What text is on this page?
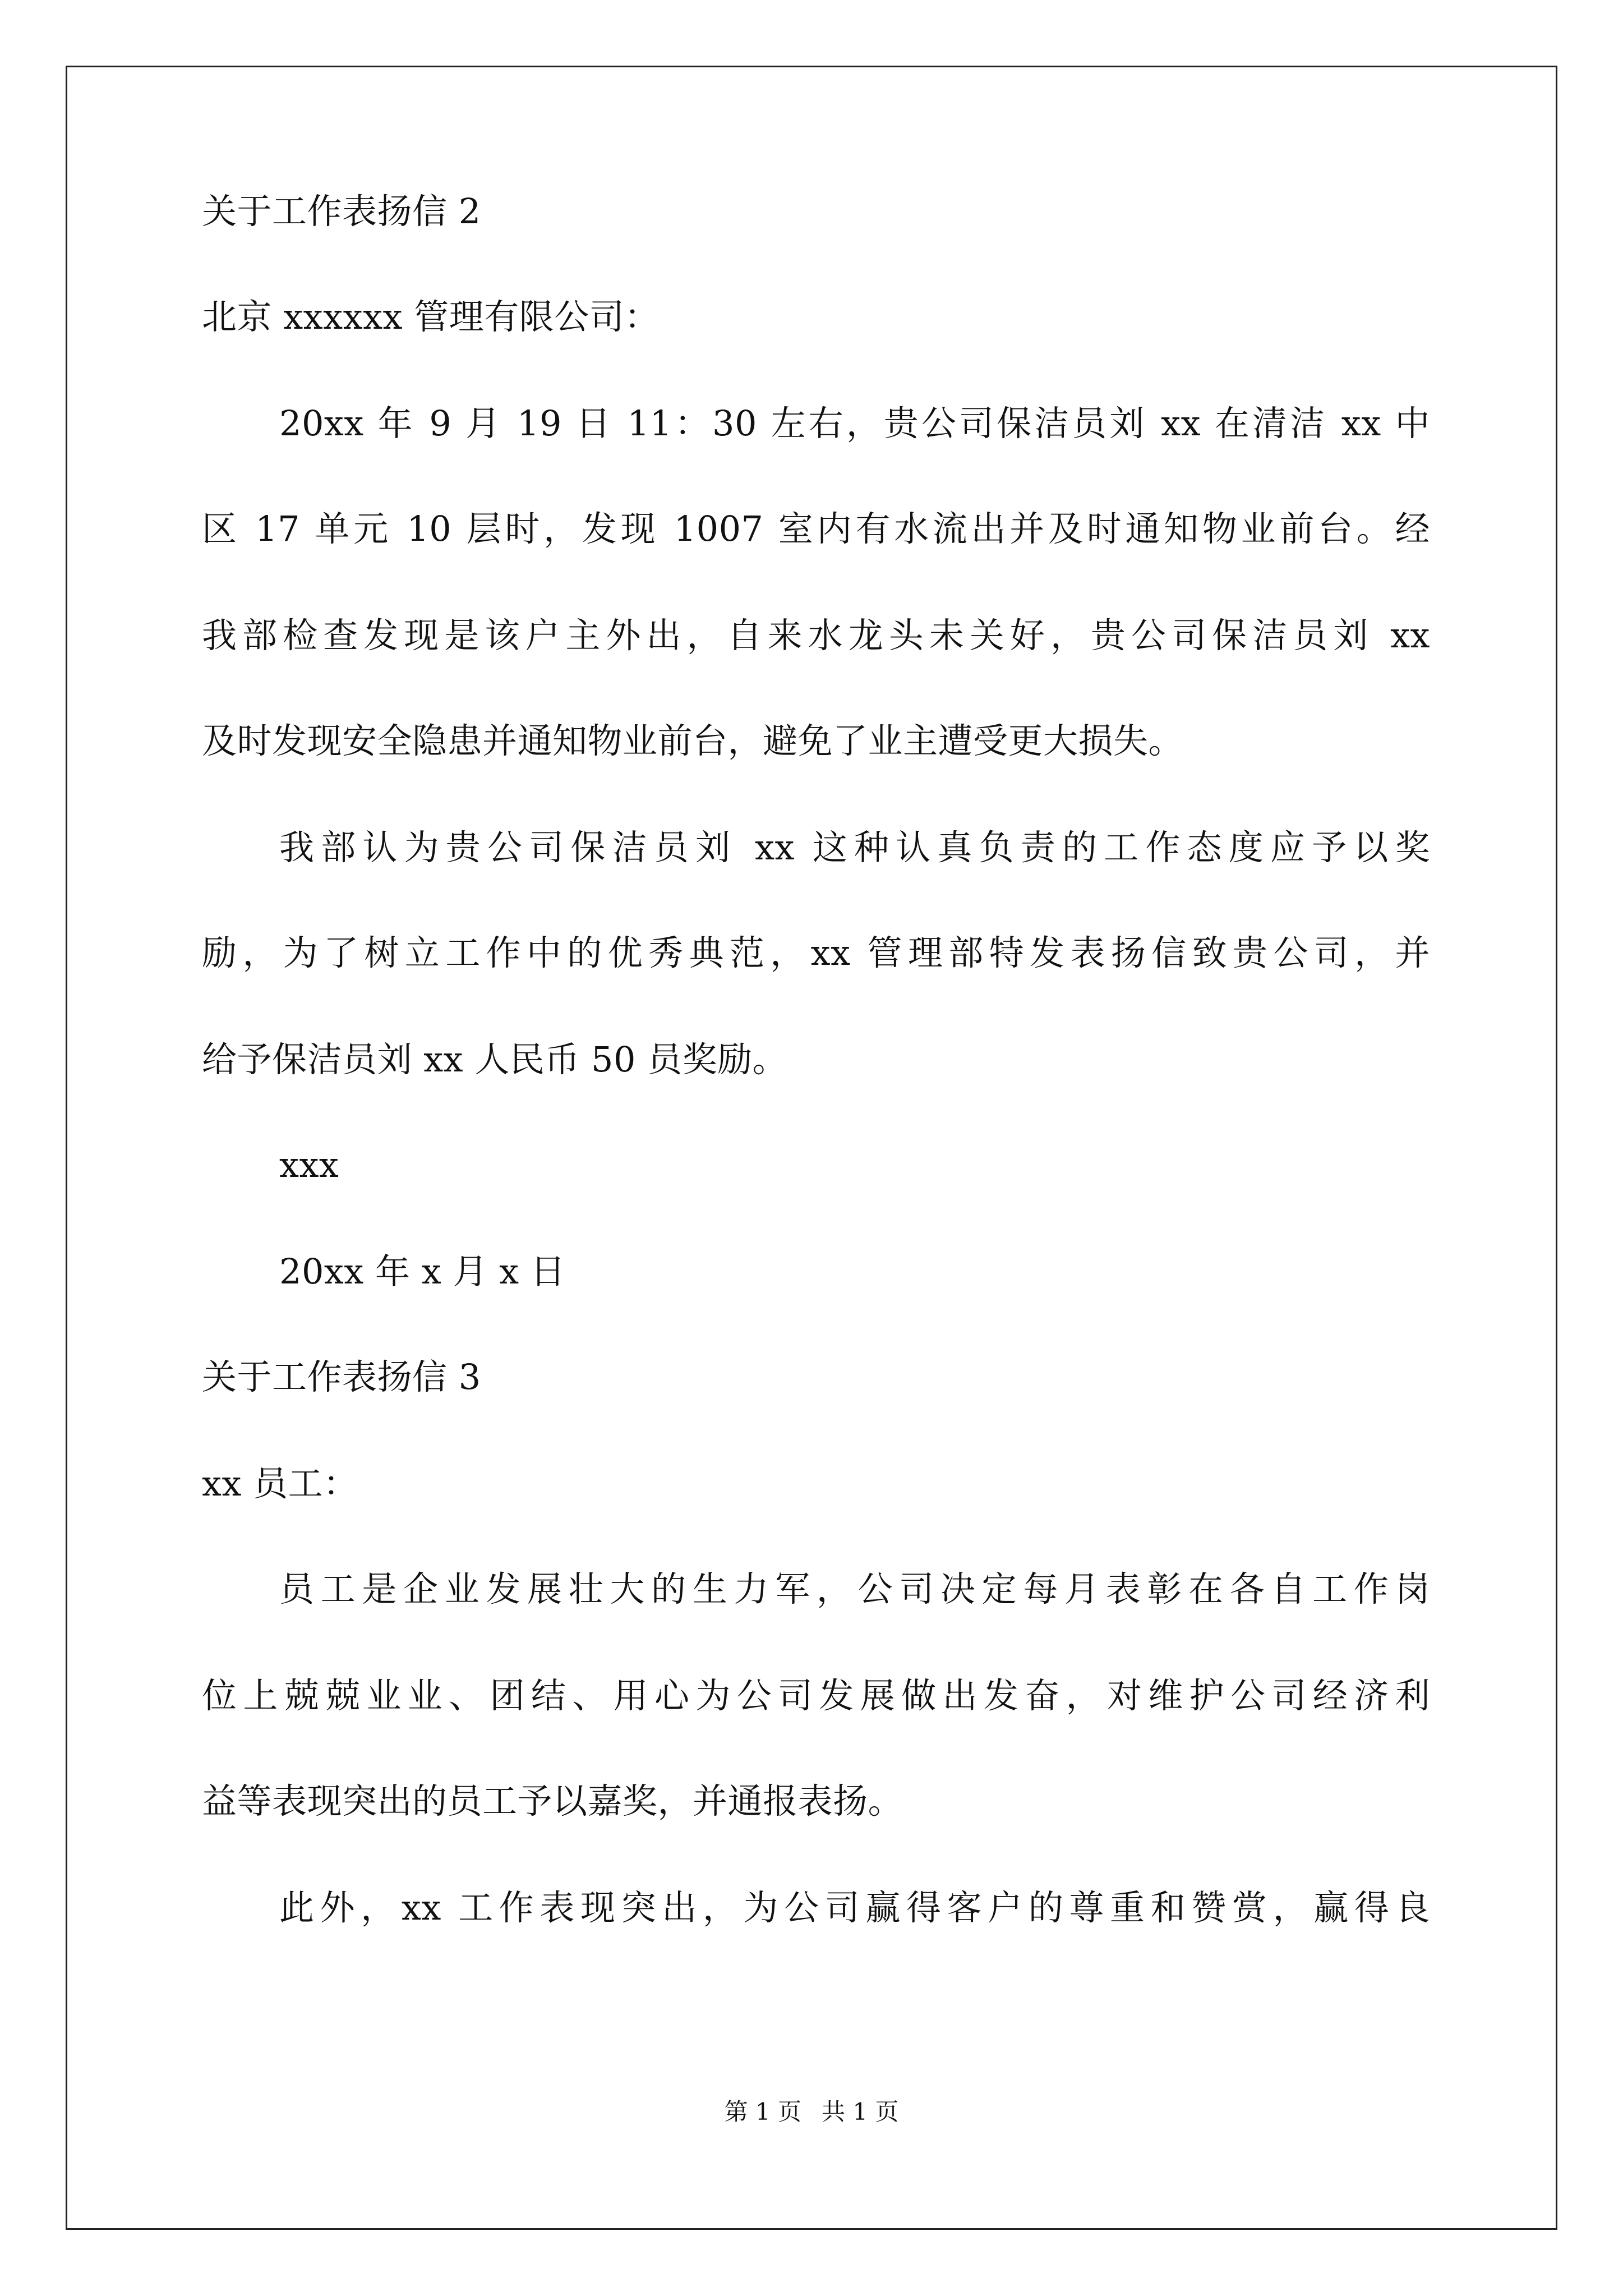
关于工作表扬信 2
北京 xxxxxx 管理有限公司：
20xx 年 9 月 19 日 11：30 左右，贵公司保洁员刘 xx 在清洁 xx 中
区 17 单元 10 层时，发现 1007 室内有水流出并及时通知物业前台。经
我部检查发现是该户主外出，自来水龙头未关好，贵公司保洁员刘 xx
及时发现安全隐患并通知物业前台，避免了业主遭受更大损失。
我部认为贵公司保洁员刘 xx 这种认真负责的工作态度应予以奖
励，为了树立工作中的优秀典范，xx 管理部特发表扬信致贵公司，并
给予保洁员刘 xx 人民币 50 员奖励。
xxx
20xx 年 x 月 x 日
关于工作表扬信 3
xx 员工：
员工是企业发展壮大的生力军，公司决定每月表彰在各自工作岗
位上兢兢业业、团结、用心为公司发展做出发奋，对维护公司经济利
益等表现突出的员工予以嘉奖，并通报表扬。
此外，xx 工作表现突出，为公司赢得客户的尊重和赞赏，赢得良
第 1 页 共 1 页
